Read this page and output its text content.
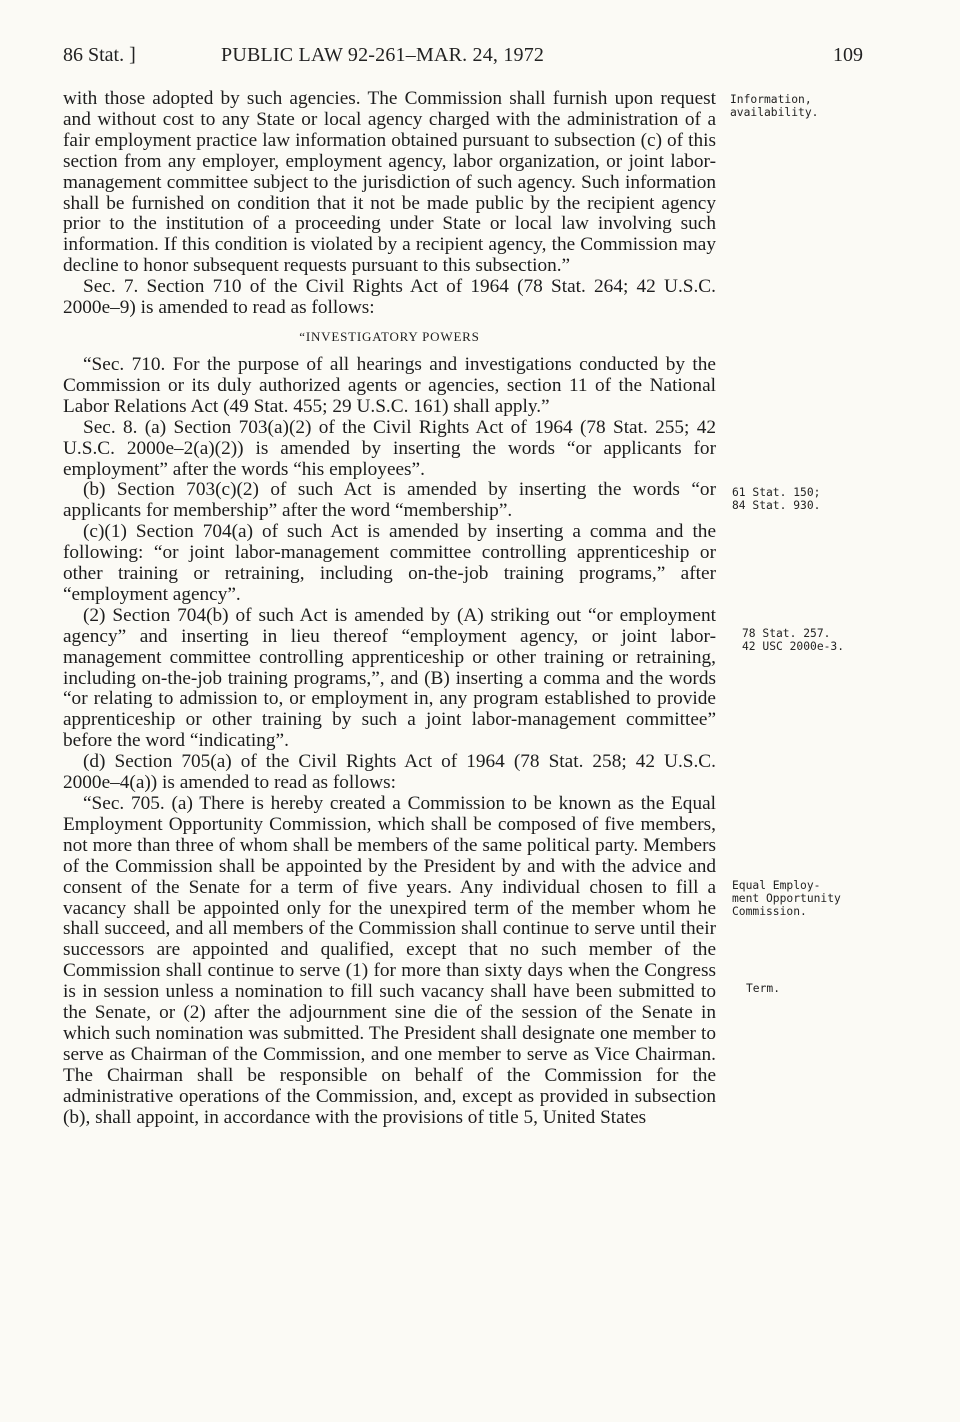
86 Stat. ]	PUBLIC LAW 92-261–MAR. 24, 1972	109

with those adopted by such agencies. The Commission shall furnish upon request and without cost to any State or local agency charged with the administration of a fair employment practice law information obtained pursuant to subsection (c) of this section from any employer, employment agency, labor organization, or joint labor-management committee subject to the jurisdiction of such agency. Such information shall be furnished on condition that it not be made public by the recipient agency prior to the institution of a proceeding under State or local law involving such information. If this condition is violated by a recipient agency, the Commission may decline to honor subsequent requests pursuant to this subsection.”

Sec. 7. Section 710 of the Civil Rights Act of 1964 (78 Stat. 264; 42 U.S.C. 2000e–9) is amended to read as follows:

“INVESTIGATORY POWERS

“Sec. 710. For the purpose of all hearings and investigations conducted by the Commission or its duly authorized agents or agencies, section 11 of the National Labor Relations Act (49 Stat. 455; 29 U.S.C. 161) shall apply.”

Sec. 8. (a) Section 703(a)(2) of the Civil Rights Act of 1964 (78 Stat. 255; 42 U.S.C. 2000e–2(a)(2)) is amended by inserting the words “or applicants for employment” after the words “his employees”.

(b) Section 703(c)(2) of such Act is amended by inserting the words “or applicants for membership” after the word “membership”.

(c)(1) Section 704(a) of such Act is amended by inserting a comma and the following: “or joint labor-management committee controlling apprenticeship or other training or retraining, including on-the-job training programs,” after “employment agency”.

(2) Section 704(b) of such Act is amended by (A) striking out “or employment agency” and inserting in lieu thereof “employment agency, or joint labor-management committee controlling apprenticeship or other training or retraining, including on-the-job training programs,”, and (B) inserting a comma and the words “or relating to admission to, or employment in, any program established to provide apprenticeship or other training by such a joint labor-management committee” before the word “indicating”.

(d) Section 705(a) of the Civil Rights Act of 1964 (78 Stat. 258; 42 U.S.C. 2000e–4(a)) is amended to read as follows:

“Sec. 705. (a) There is hereby created a Commission to be known as the Equal Employment Opportunity Commission, which shall be composed of five members, not more than three of whom shall be members of the same political party. Members of the Commission shall be appointed by the President by and with the advice and consent of the Senate for a term of five years. Any individual chosen to fill a vacancy shall be appointed only for the unexpired term of the member whom he shall succeed, and all members of the Commission shall continue to serve until their successors are appointed and qualified, except that no such member of the Commission shall continue to serve (1) for more than sixty days when the Congress is in session unless a nomination to fill such vacancy shall have been submitted to the Senate, or (2) after the adjournment sine die of the session of the Senate in which such nomination was submitted. The President shall designate one member to serve as Chairman of the Commission, and one member to serve as Vice Chairman. The Chairman shall be responsible on behalf of the Commission for the administrative operations of the Commission, and, except as provided in subsection (b), shall appoint, in accordance with the provisions of title 5, United States

Information,
availability.
61 Stat. 150;
84 Stat. 930.
78 Stat. 257.
42 USC 2000e-3.
Equal Employ-
ment Opportunity
Commission.
Term.
